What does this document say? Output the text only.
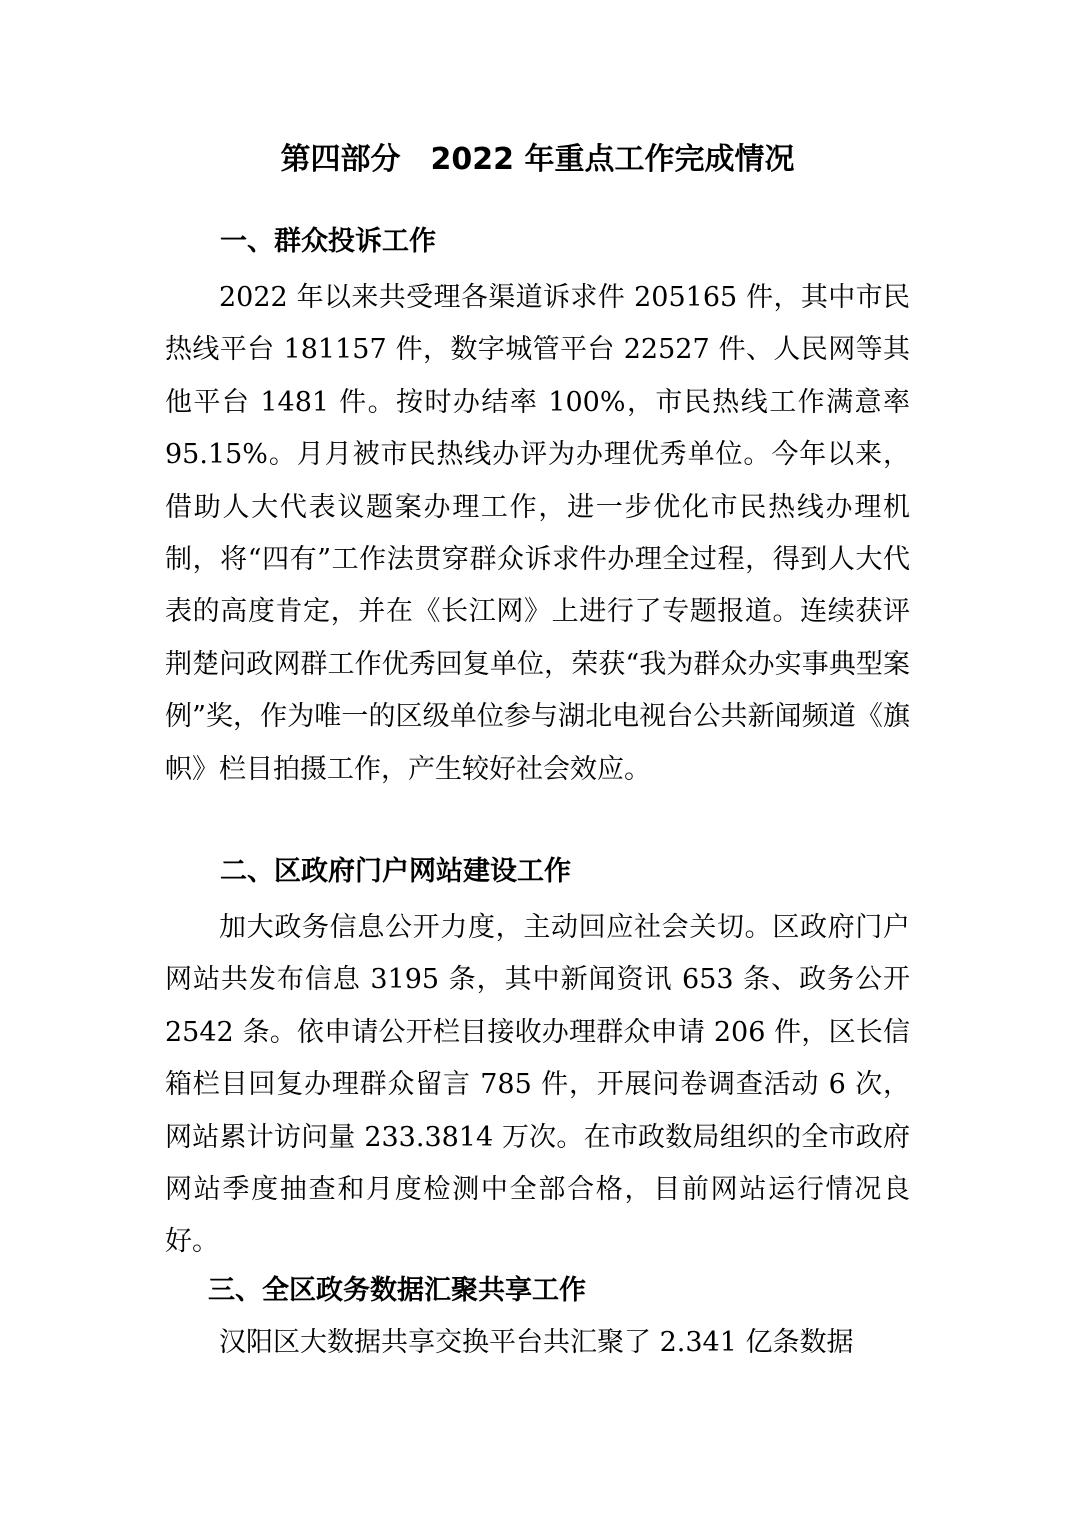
第四部分　2022 年重点工作完成情况
一、群众投诉工作
2022 年以来共受理各渠道诉求件 205165 件，其中市民热线平台 181157 件，数字城管平台 22527 件、人民网等其他平台 1481 件。按时办结率 100%，市民热线工作满意率 95.15%。月月被市民热线办评为办理优秀单位。今年以来，借助人大代表议题案办理工作，进一步优化市民热线办理机制，将“四有”工作法贯穿群众诉求件办理全过程，得到人大代表的高度肯定，并在《长江网》上进行了专题报道。连续获评荆楚问政网群工作优秀回复单位，荣获“我为群众办实事典型案例”奖，作为唯一的区级单位参与湖北电视台公共新闻频道《旗帜》栏目拍摄工作，产生较好社会效应。
二、区政府门户网站建设工作
加大政务信息公开力度，主动回应社会关切。区政府门户网站共发布信息 3195 条，其中新闻资讯 653 条、政务公开 2542 条。依申请公开栏目接收办理群众申请 206 件，区长信箱栏目回复办理群众留言 785 件，开展问卷调查活动 6 次，网站累计访问量 233.3814 万次。在市政数局组织的全市政府网站季度抽查和月度检测中全部合格，目前网站运行情况良好。
三、全区政务数据汇聚共享工作
汉阳区大数据共享交换平台共汇聚了 2.341 亿条数据
